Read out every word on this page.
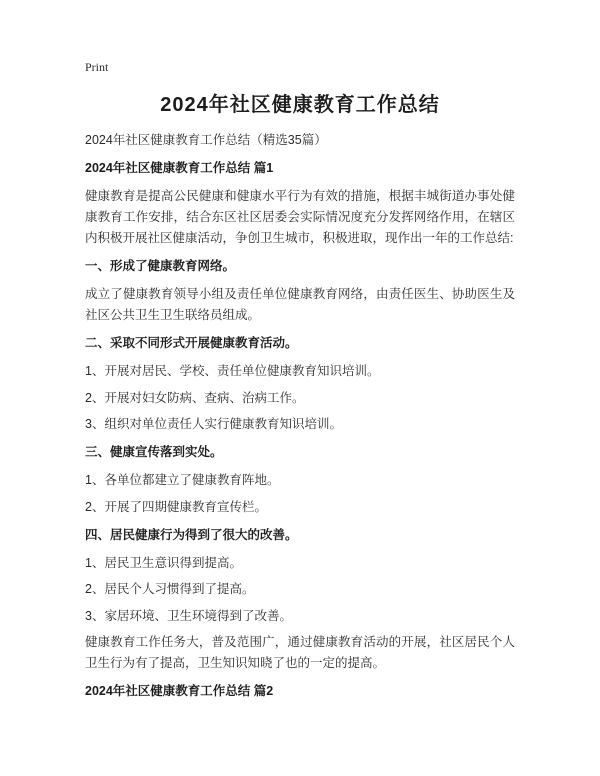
Print
2024年社区健康教育工作总结

2024年社区健康教育工作总结（精选35篇）

2024年社区健康教育工作总结 篇1

健康教育是提高公民健康和健康水平行为有效的措施，根据丰城街道办事处健康教育工作安排，结合东区社区居委会实际情况度充分发挥网络作用，在辖区内积极开展社区健康活动，争创卫生城市，积极进取，现作出一年的工作总结:

一、形成了健康教育网络。

成立了健康教育领导小组及责任单位健康教育网络，由责任医生、协助医生及社区公共卫生卫生联络员组成。

二、采取不同形式开展健康教育活动。

1、开展对居民、学校、责任单位健康教育知识培训。

2、开展对妇女防病、查病、治病工作。

3、组织对单位责任人实行健康教育知识培训。

三、健康宣传落到实处。

1、各单位都建立了健康教育阵地。

2、开展了四期健康教育宣传栏。

四、居民健康行为得到了很大的改善。

1、居民卫生意识得到提高。

2、居民个人习惯得到了提高。

3、家居环境、卫生环境得到了改善。

健康教育工作任务大，普及范围广，通过健康教育活动的开展，社区居民个人卫生行为有了提高，卫生知识知晓了也的一定的提高。

2024年社区健康教育工作总结 篇2
